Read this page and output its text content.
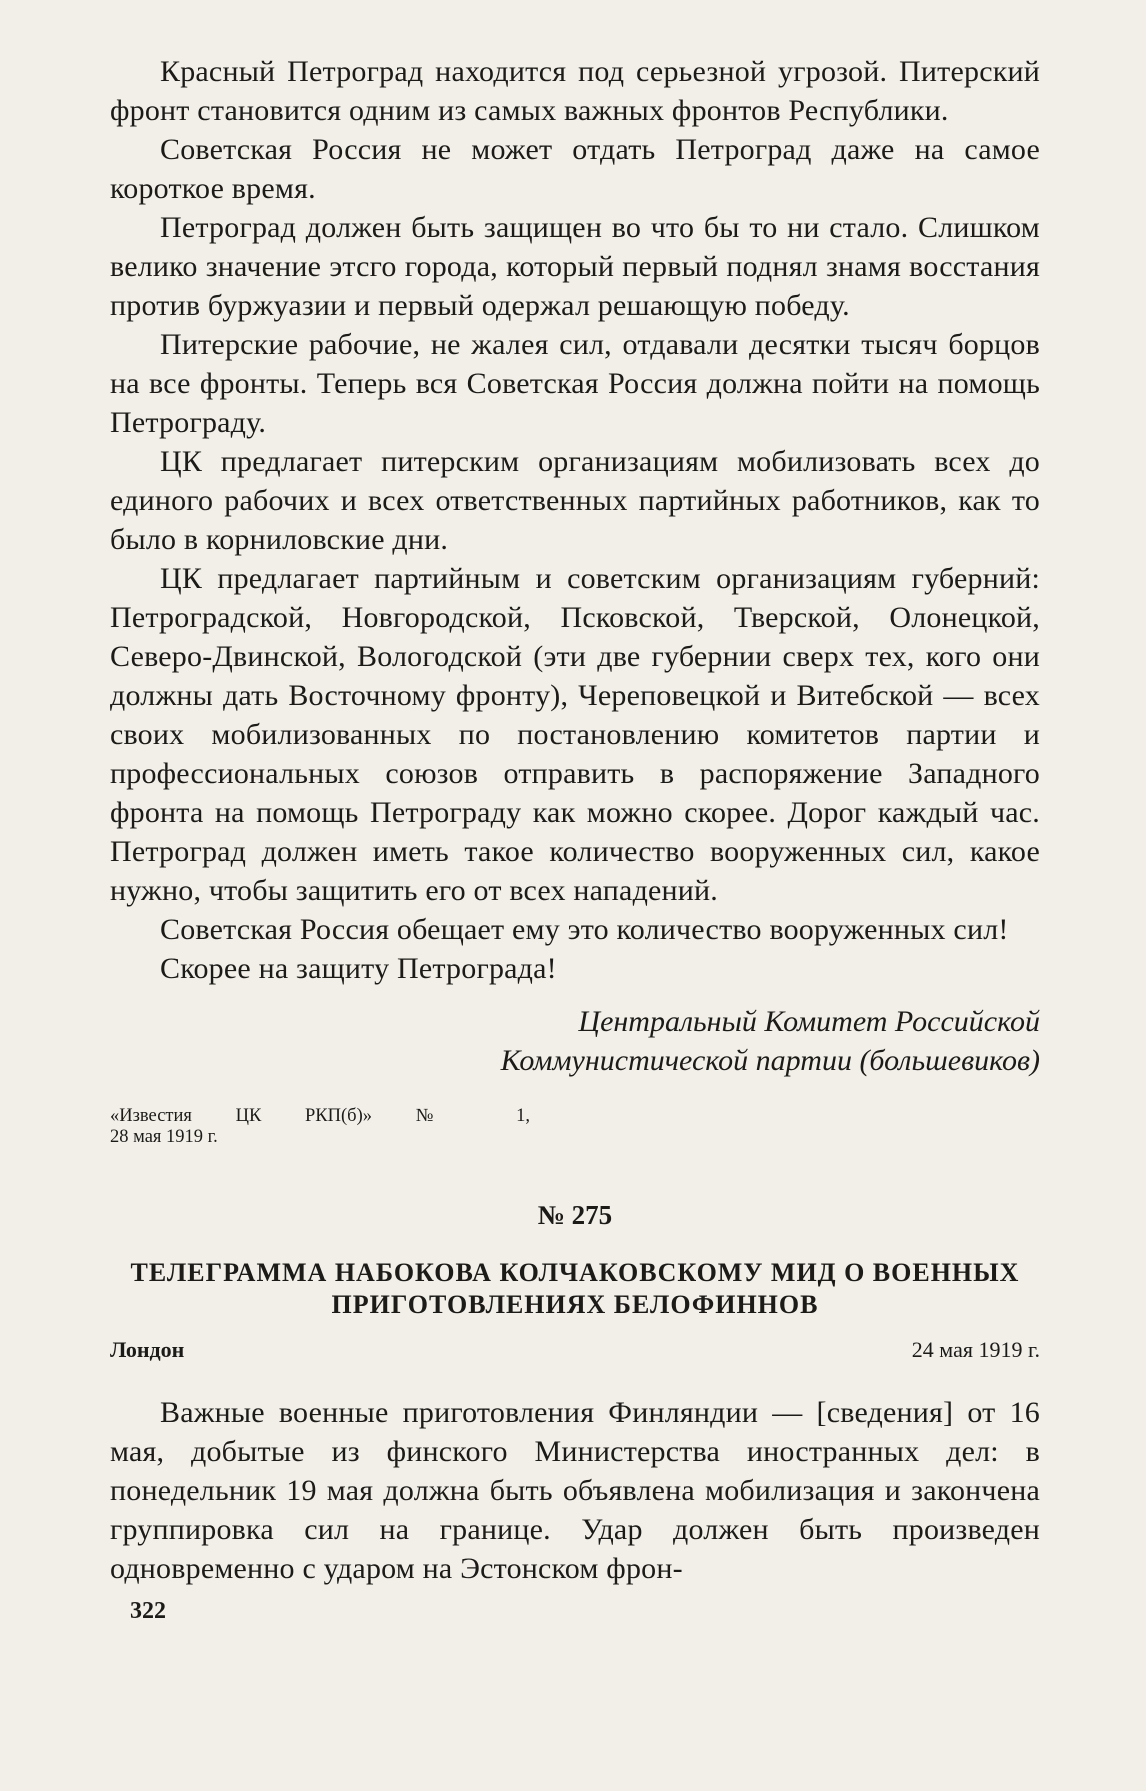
Красный Петроград находится под серьезной угрозой. Питерский фронт становится одним из самых важных фронтов Республики.

Советская Россия не может отдать Петроград даже на самое короткое время.

Петроград должен быть защищен во что бы то ни стало. Слишком велико значение этсго города, который первый поднял знамя восстания против буржуазии и первый одержал решающую победу.

Питерские рабочие, не жалея сил, отдавали десятки тысяч борцов на все фронты. Теперь вся Советская Россия должна пойти на помощь Петрограду.

ЦК предлагает питерским организациям мобилизовать всех до единого рабочих и всех ответственных партийных работников, как то было в корниловские дни.

ЦК предлагает партийным и советским организациям губерний: Петроградской, Новгородской, Псковской, Тверской, Олонецкой, Северо-Двинской, Вологодской (эти две губернии сверх тех, кого они должны дать Восточному фронту), Череповецкой и Витебской — всех своих мобилизованных по постановлению комитетов партии и профессиональных союзов отправить в распоряжение Западного фронта на помощь Петрограду как можно скорее. Дорог каждый час. Петрогрaд должен иметь такое количество вооруженных сил, какое нужно, чтобы защитить его от всех нападений.

Советская Россия обещает ему это количество вооруженных сил!

Скорее на защиту Петрограда!

Центральный Комитет Российской
Коммунистической партии (большевиков)
«Известия ЦК РКП(б)» № 1,
28 мая 1919 г.
№ 275
ТЕЛЕГРАММА НАБОКОВА КОЛЧАКОВСКОМУ МИД О ВОЕННЫХ
ПРИГОТОВЛЕНИЯХ БЕЛОФИННОВ
Лондон	24 мая 1919 г.

Важные военные приготовления Финляндии — [сведения] от 16 мая, добытые из финского Министерства иностранных дел: в понедельник 19 мая должна быть объявлена мобилизация и закончена группировка сил на границе. Удар должен быть произведен одновременно с ударом на Эстонском фрон-

322
